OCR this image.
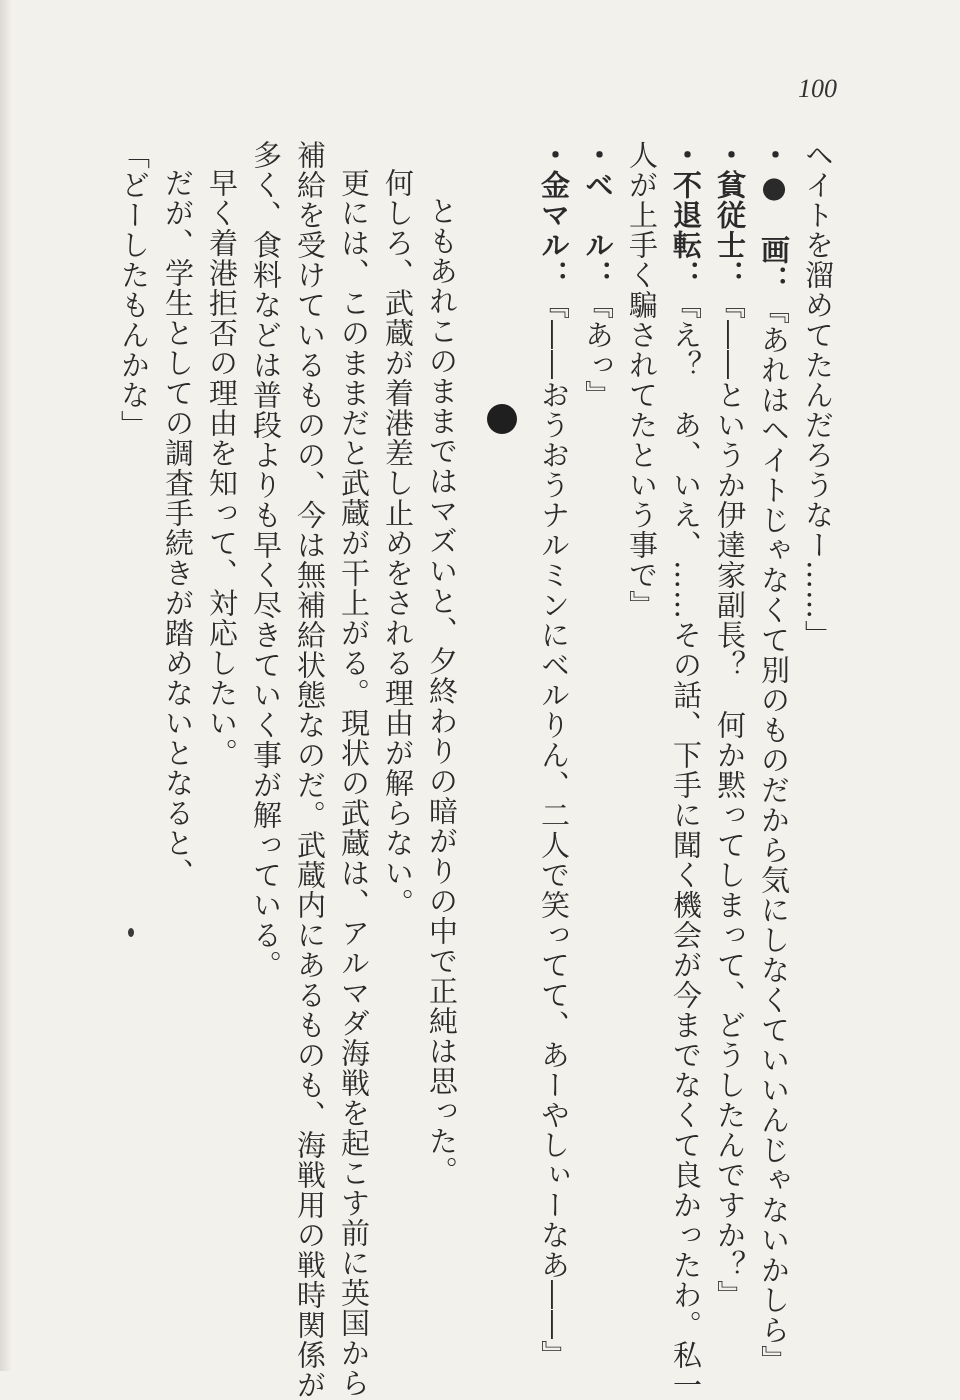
100
ヘイトを溜めてたんだろうなー……」
・●　画：『あれはヘイトじゃなくて別のものだから気にしなくていいんじゃないかしら』
・貧従士：『――というか伊達家副長？　何か黙ってしまって、どうしたんですか？』
・不退転：『え？　あ、いえ、……その話、下手に聞く機会が今までなくて良かったわ。私一
人が上手く騙されてたという事で』
・ベ　ル：『あっ』
・金マル：『――おうおうナルミンにベルりん、二人で笑ってて、あーやしぃーなあ――』
ともあれこのままではマズいと、夕終わりの暗がりの中で正純は思った。
何しろ、武蔵が着港差し止めをされる理由が解らない。
更には、このままだと武蔵が干上がる。現状の武蔵は、アルマダ海戦を起こす前に英国から
補給を受けているものの、今は無補給状態なのだ。武蔵内にあるものも、海戦用の戦時関係が
多く、食料などは普段よりも早く尽きていく事が解っている。
早く着港拒否の理由を知って、対応したい。
だが、学生としての調査手続きが踏めないとなると、
「どーしたもんかな」
